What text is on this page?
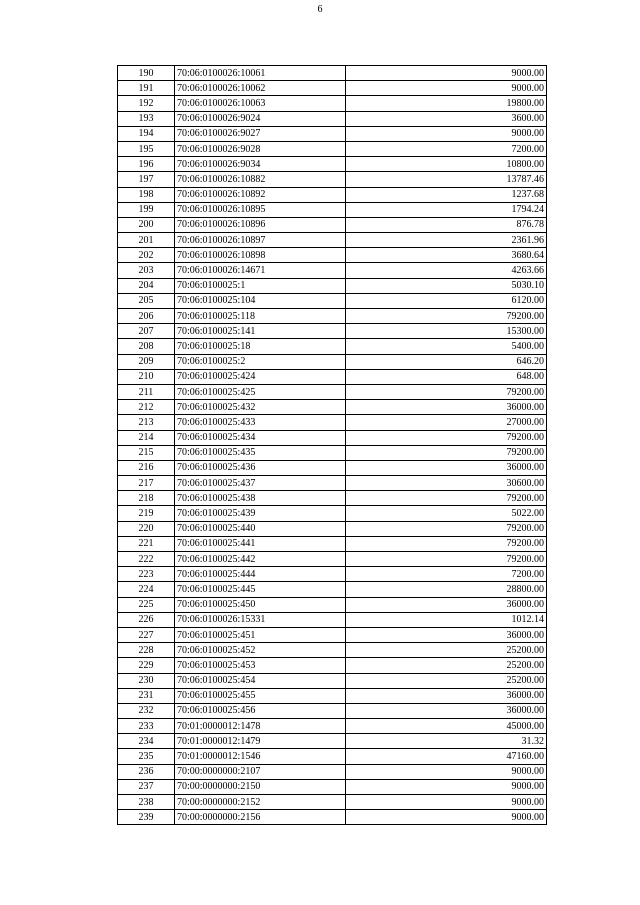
6
190	70:06:0100026:10061	9000.00
191	70:06:0100026:10062	9000.00
192	70:06:0100026:10063	19800.00
193	70:06:0100026:9024	3600.00
194	70:06:0100026:9027	9000.00
195	70:06:0100026:9028	7200.00
196	70:06:0100026:9034	10800.00
197	70:06:0100026:10882	13787.46
198	70:06:0100026:10892	1237.68
199	70:06:0100026:10895	1794.24
200	70:06:0100026:10896	876.78
201	70:06:0100026:10897	2361.96
202	70:06:0100026:10898	3680.64
203	70:06:0100026:14671	4263.66
204	70:06:0100025:1	5030.10
205	70:06:0100025:104	6120.00
206	70:06:0100025:118	79200.00
207	70:06:0100025:141	15300.00
208	70:06:0100025:18	5400.00
209	70:06:0100025:2	646.20
210	70:06:0100025:424	648.00
211	70:06:0100025:425	79200.00
212	70:06:0100025:432	36000.00
213	70:06:0100025:433	27000.00
214	70:06:0100025:434	79200.00
215	70:06:0100025:435	79200.00
216	70:06:0100025:436	36000.00
217	70:06:0100025:437	30600.00
218	70:06:0100025:438	79200.00
219	70:06:0100025:439	5022.00
220	70:06:0100025:440	79200.00
221	70:06:0100025:441	79200.00
222	70:06:0100025:442	79200.00
223	70:06:0100025:444	7200.00
224	70:06:0100025:445	28800.00
225	70:06:0100025:450	36000.00
226	70:06:0100026:15331	1012.14
227	70:06:0100025:451	36000.00
228	70:06:0100025:452	25200.00
229	70:06:0100025:453	25200.00
230	70:06:0100025:454	25200.00
231	70:06:0100025:455	36000.00
232	70:06:0100025:456	36000.00
233	70:01:0000012:1478	45000.00
234	70:01:0000012:1479	31.32
235	70:01:0000012:1546	47160.00
236	70:00:0000000:2107	9000.00
237	70:00:0000000:2150	9000.00
238	70:00:0000000:2152	9000.00
239	70:00:0000000:2156	9000.00
